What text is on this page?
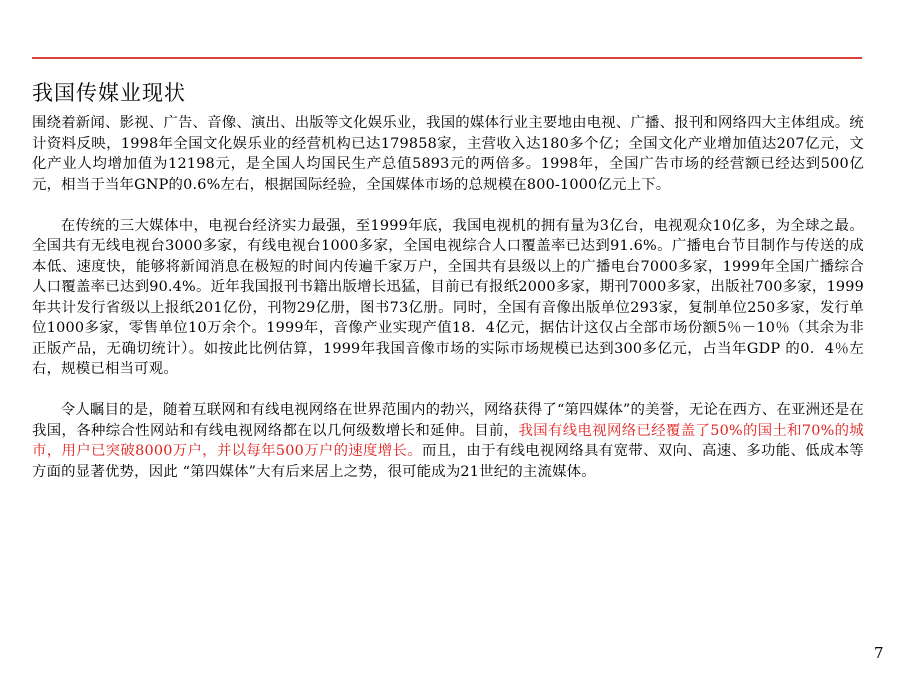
我国传媒业现状

围绕着新闻、影视、广告、音像、演出、出版等文化娱乐业，我国的媒体行业主要地由电视、广播、报刊和网络四大主体组成。统计资料反映，1998年全国文化娱乐业的经营机构已达179858家，主营收入达180多个亿；全国文化产业增加值达207亿元，文化产业人均增加值为12198元，是全国人均国民生产总值5893元的两倍多。1998年，全国广告市场的经营额已经达到500亿元，相当于当年GNP的0.6%左右，根据国际经验，全国媒体市场的总规模在800-1000亿元上下。

在传统的三大媒体中，电视台经济实力最强，至1999年底，我国电视机的拥有量为3亿台，电视观众10亿多，为全球之最。全国共有无线电视台3000多家，有线电视台1000多家，全国电视综合人口覆盖率已达到91.6%。广播电台节目制作与传送的成本低、速度快，能够将新闻消息在极短的时间内传遍千家万户，全国共有县级以上的广播电台7000多家，1999年全国广播综合人口覆盖率已达到90.4%。近年我国报刊书籍出版增长迅猛，目前已有报纸2000多家，期刊7000多家，出版社700多家，1999年共计发行省级以上报纸201亿份，刊物29亿册，图书73亿册。同时，全国有音像出版单位293家，复制单位250多家，发行单位1000多家，零售单位10万余个。1999年，音像产业实现产值18．4亿元，据估计这仅占全部市场份额5％－10％（其余为非正版产品，无确切统计）。如按此比例估算，1999年我国音像市场的实际市场规模已达到300多亿元，占当年GDP 的0．4％左右，规模已相当可观。

令人瞩目的是，随着互联网和有线电视网络在世界范围内的勃兴，网络获得了“第四媒体”的美誉，无论在西方、在亚洲还是在我国，各种综合性网站和有线电视网络都在以几何级数增长和延伸。目前，我国有线电视网络已经覆盖了50%的国土和70%的城市，用户已突破8000万户，并以每年500万户的速度增长。而且，由于有线电视网络具有宽带、双向、高速、多功能、低成本等方面的显著优势，因此 “第四媒体”大有后来居上之势，很可能成为21世纪的主流媒体。

7
